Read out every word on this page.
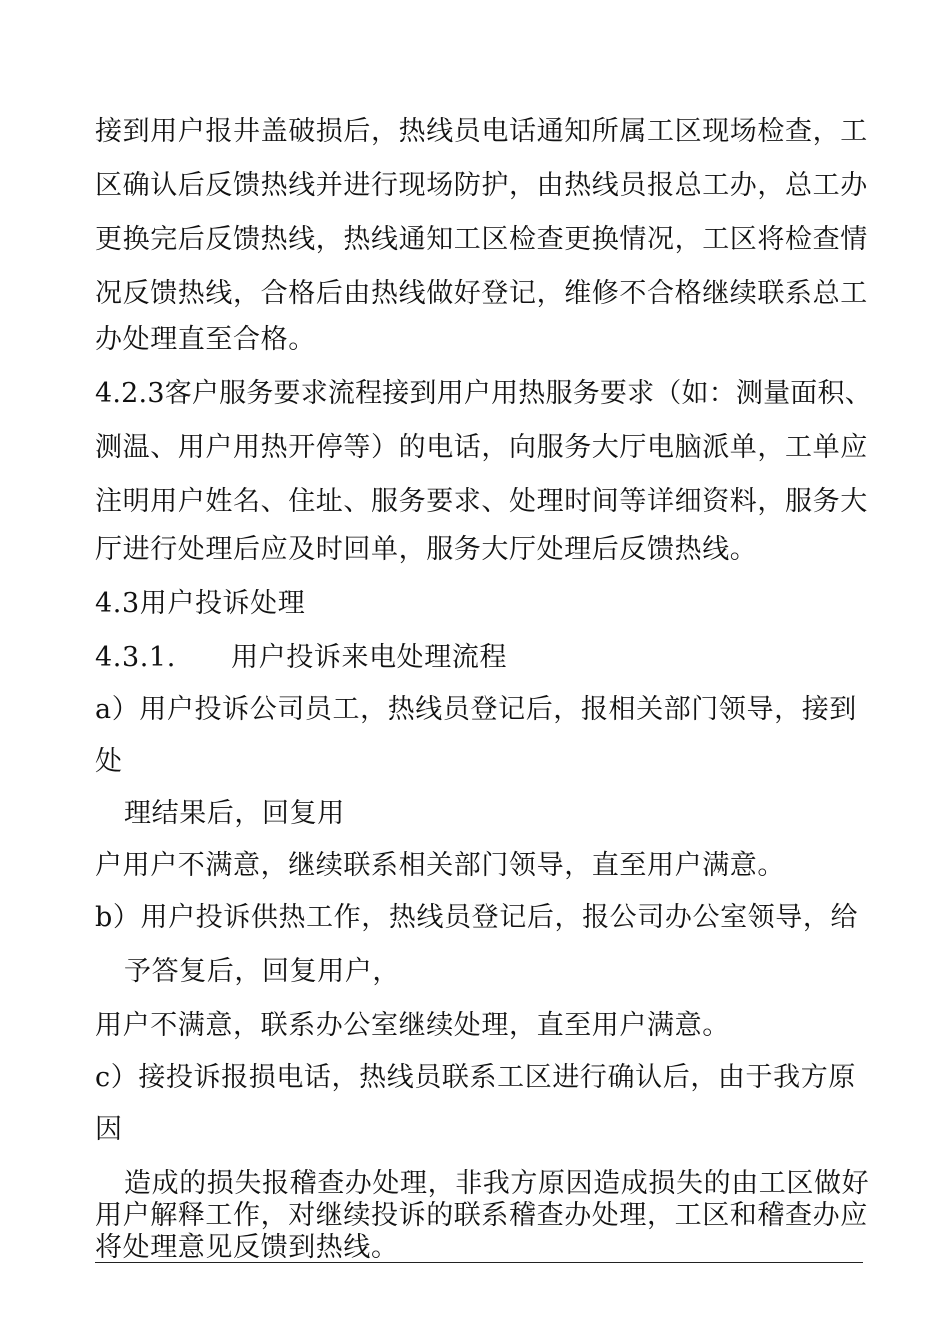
接到用户报井盖破损后，热线员电话通知所属工区现场检查，工
区确认后反馈热线并进行现场防护，由热线员报总工办，总工办
更换完后反馈热线，热线通知工区检查更换情况，工区将检查情
况反馈热线，合格后由热线做好登记，维修不合格继续联系总工
办处理直至合格。
4.2.3客户服务要求流程接到用户用热服务要求（如：测量面积、
测温、用户用热开停等）的电话，向服务大厅电脑派单，工单应
注明用户姓名、住址、服务要求、处理时间等详细资料，服务大
厅进行处理后应及时回单，服务大厅处理后反馈热线。
4.3用户投诉处理
4.3.1.　　用户投诉来电处理流程
a）用户投诉公司员工，热线员登记后，报相关部门领导，接到
处
理结果后，回复用
户用户不满意，继续联系相关部门领导，直至用户满意。
b）用户投诉供热工作，热线员登记后，报公司办公室领导，给
予答复后，回复用户，
用户不满意，联系办公室继续处理，直至用户满意。
c）接投诉报损电话，热线员联系工区进行确认后，由于我方原
因
造成的损失报稽查办处理，非我方原因造成损失的由工区做好
用户解释工作，对继续投诉的联系稽查办处理，工区和稽查办应
将处理意见反馈到热线。
